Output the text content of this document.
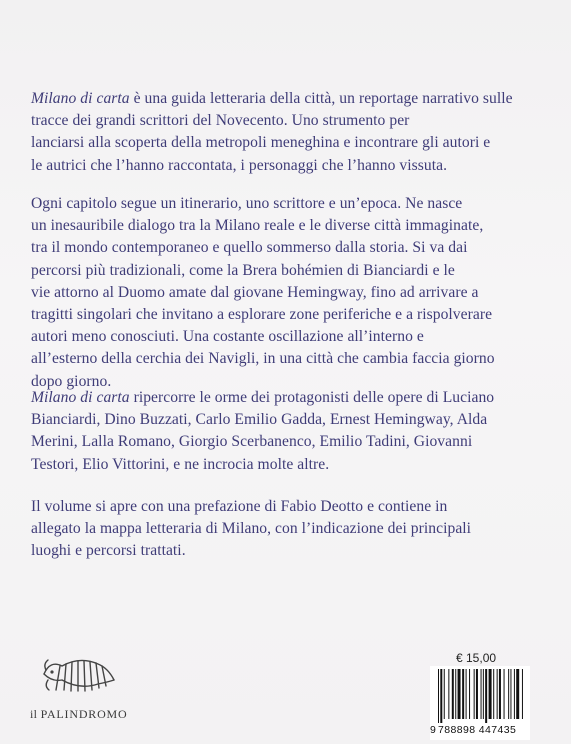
Milano di carta è una guida letteraria della città, un reportage narrativo sulle
tracce dei grandi scrittori del Novecento. Uno strumento per
lanciarsi alla scoperta della metropoli meneghina e incontrare gli autori e
le autrici che l’hanno raccontata, i personaggi che l’hanno vissuta.
Ogni capitolo segue un itinerario, uno scrittore e un’epoca. Ne nasce
un inesauribile dialogo tra la Milano reale e le diverse città immaginate,
tra il mondo contemporaneo e quello sommerso dalla storia. Si va dai
percorsi più tradizionali, come la Brera bohémien di Bianciardi e le
vie attorno al Duomo amate dal giovane Hemingway, fino ad arrivare a
tragitti singolari che invitano a esplorare zone periferiche e a rispolverare
autori meno conosciuti. Una costante oscillazione all’interno e
all’esterno della cerchia dei Navigli, in una città che cambia faccia giorno
dopo giorno.
Milano di carta ripercorre le orme dei protagonisti delle opere di Luciano
Bianciardi, Dino Buzzati, Carlo Emilio Gadda, Ernest Hemingway, Alda
Merini, Lalla Romano, Giorgio Scerbanenco, Emilio Tadini, Giovanni
Testori, Elio Vittorini, e ne incrocia molte altre.
Il volume si apre con una prefazione di Fabio Deotto e contiene in
allegato la mappa letteraria di Milano, con l’indicazione dei principali
luoghi e percorsi trattati.
il PALINDROMO
€ 15,00
9 788898 447435
